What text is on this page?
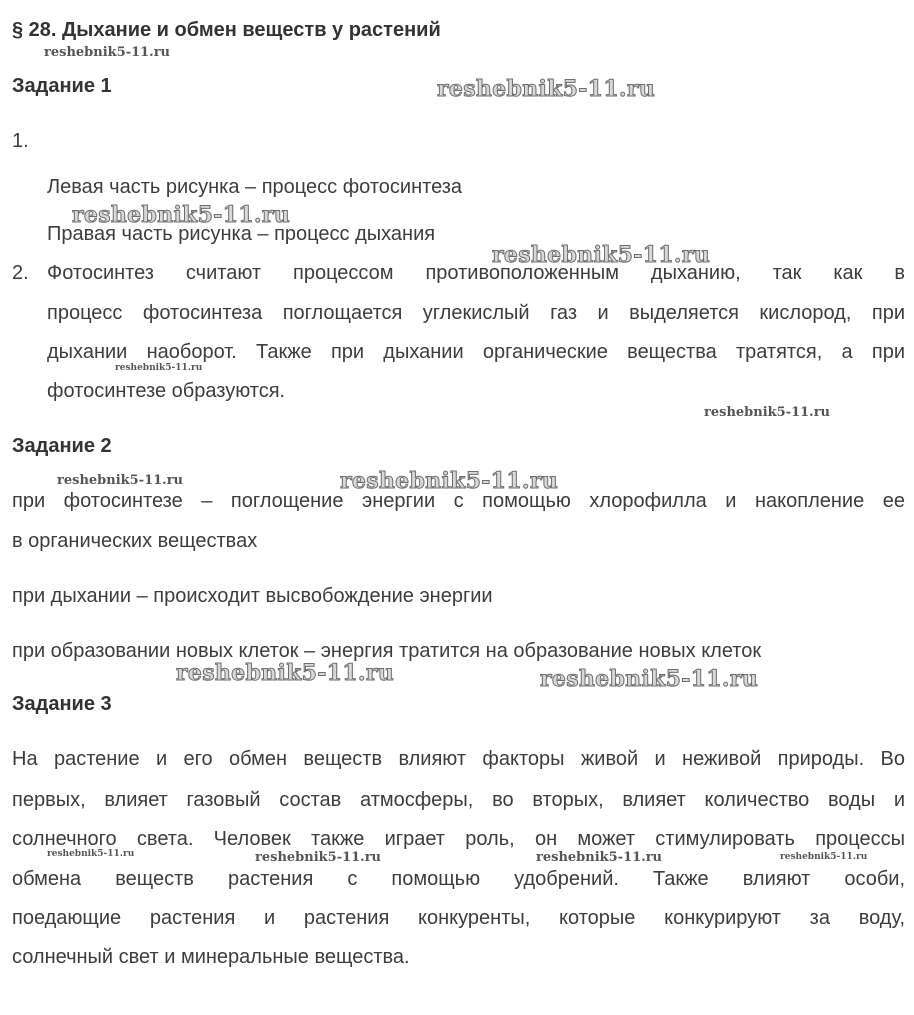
§ 28. Дыхание и обмен веществ у растений
Задание 1
1.
Левая часть рисунка – процесс фотосинтеза
Правая часть рисунка – процесс дыхания
2. Фотосинтез считают процессом противоположенным дыханию, так как в
процесс фотосинтеза поглощается углекислый газ и выделяется кислород, при
дыхании наоборот. Также при дыхании органические вещества тратятся, а при
фотосинтезе образуются.
Задание 2
при фотосинтезе – поглощение энергии с помощью хлорофилла и накопление ее
в органических веществах
при дыхании – происходит высвобождение энергии
при образовании новых клеток – энергия тратится на образование новых клеток
Задание 3
На растение и его обмен веществ влияют факторы живой и неживой природы. Во
первых, влияет газовый состав атмосферы, во вторых, влияет количество воды и
солнечного света. Человек также играет роль, он может стимулировать процессы
обмена веществ растения с помощью удобрений. Также влияют особи,
поедающие растения и растения конкуренты, которые конкурируют за воду,
солнечный свет и минеральные вещества.
reshebnik5-11.ru
reshebnik5-11.ru
reshebnik5-11.ru
reshebnik5-11.ru
reshebnik5-11.ru
reshebnik5-11.ru
reshebnik5-11.ru	reshebnik5-11.ru
reshebnik5-11.ru	reshebnik5-11.ru
reshebnik5-11.ru	reshebnik5-11.ru	reshebnik5-11.ru	reshebnik5-11.ru
